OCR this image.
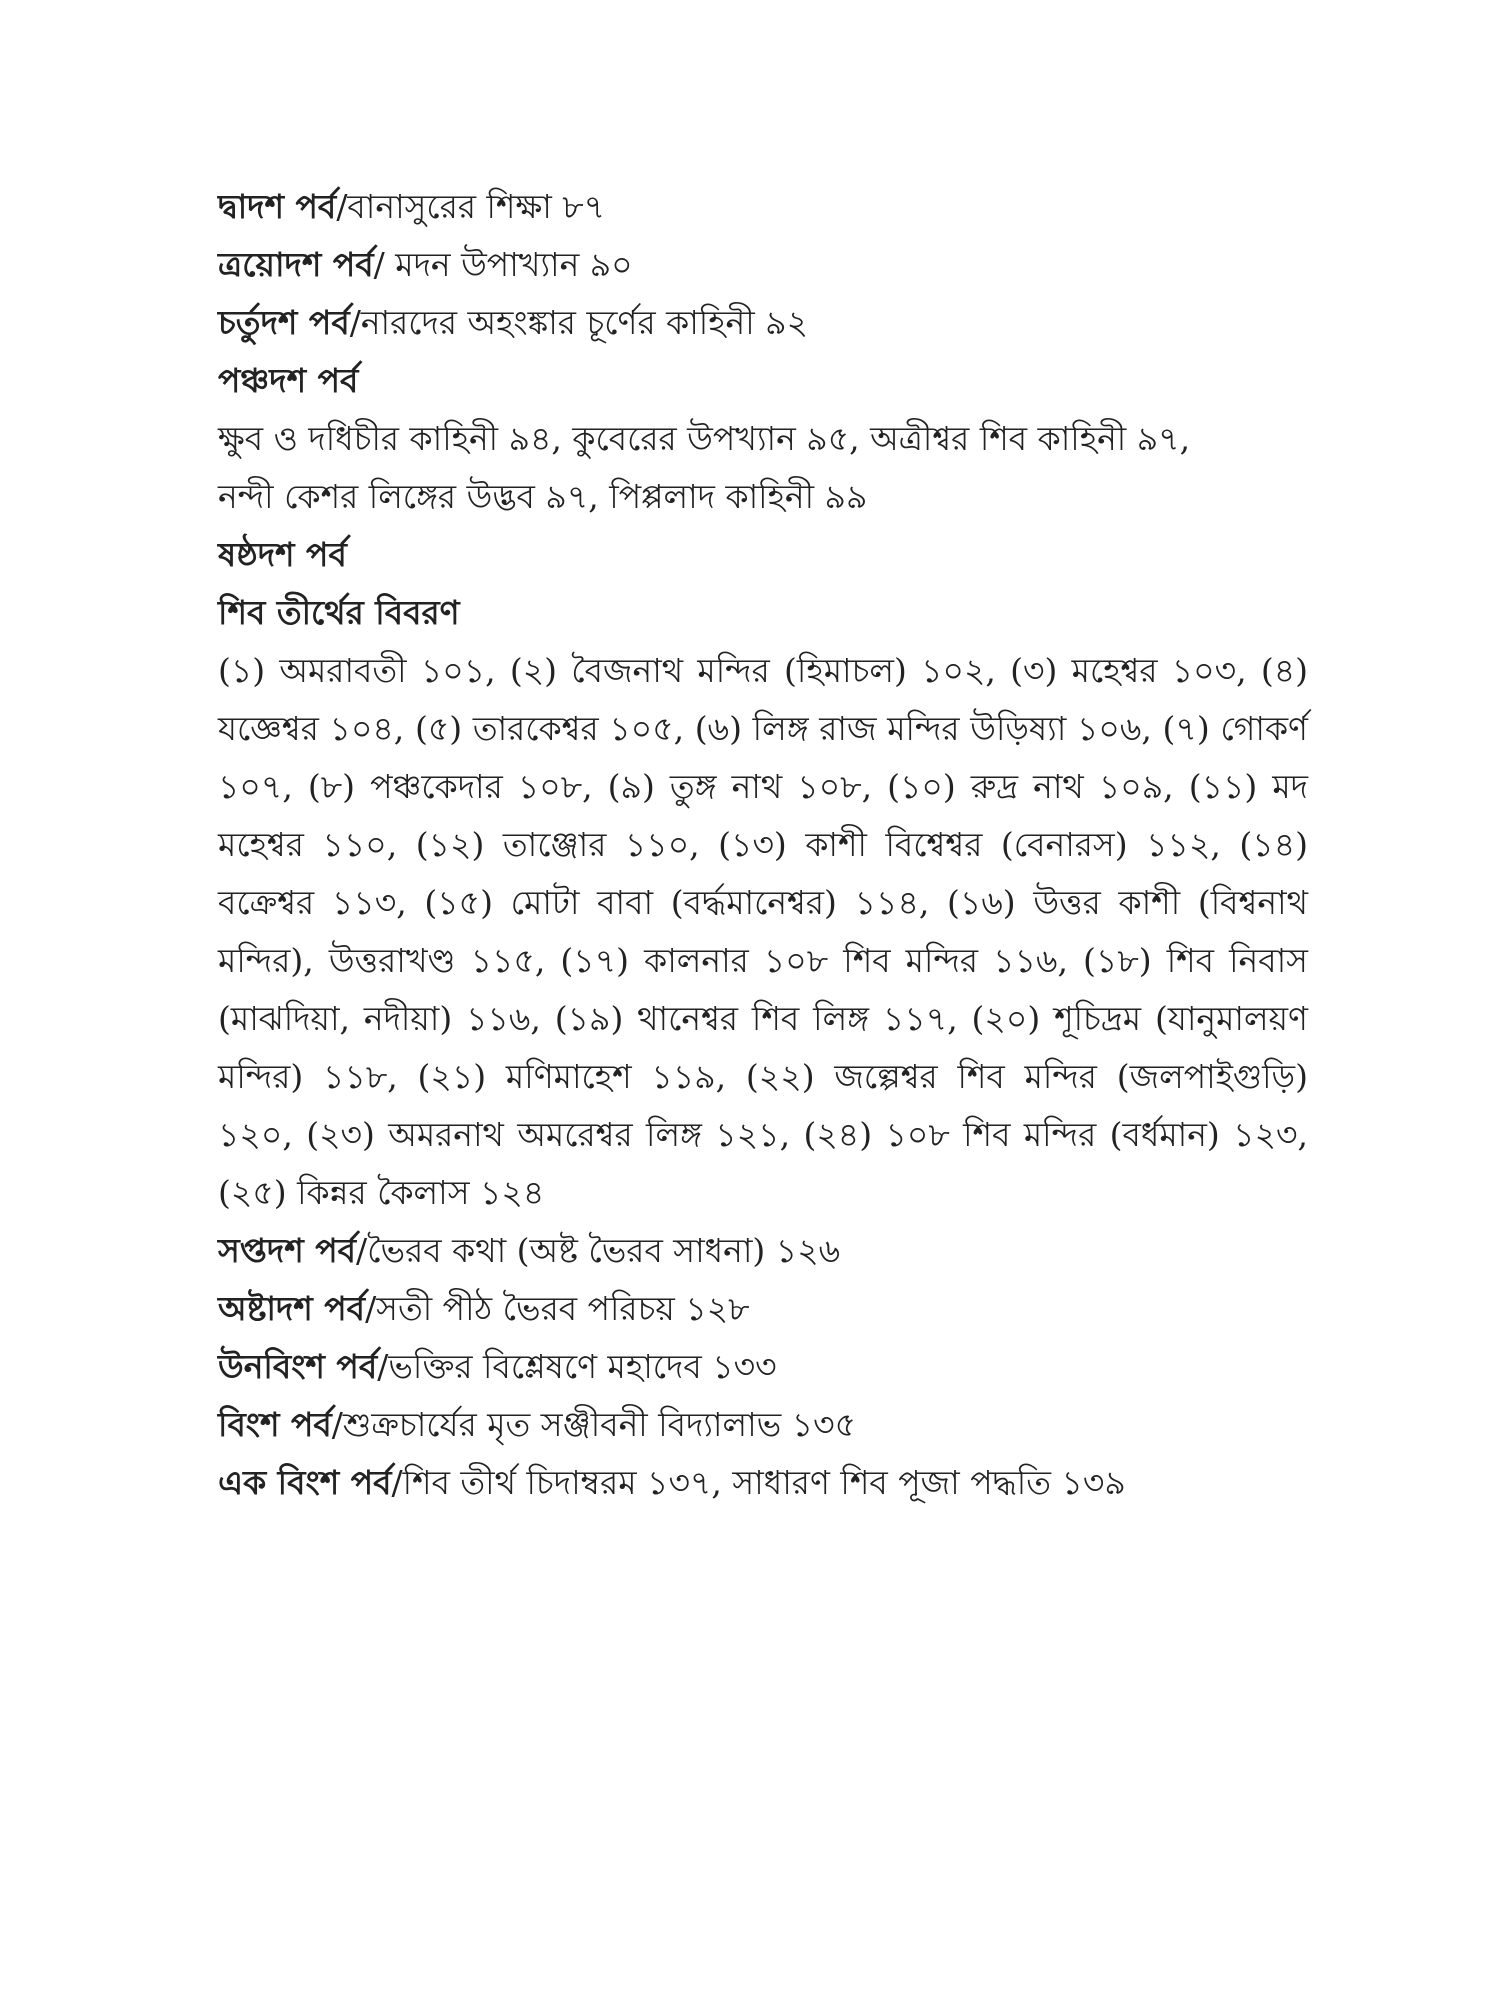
দ্বাদশ পর্ব/বানাসুরের শিক্ষা ৮৭
ত্রয়োদশ পর্ব/ মদন উপাখ্যান ৯০
চর্তুদশ পর্ব/নারদের অহংঙ্কার চূর্ণের কাহিনী ৯২
পঞ্চদশ পর্ব
ক্ষুব ও দধিচীর কাহিনী ৯৪, কুবেরের উপখ্যান ৯৫, অত্রীশ্বর শিব কাহিনী ৯৭,
নন্দী কেশর লিঙ্গের উদ্ভব ৯৭, পিপ্পলাদ কাহিনী ৯৯
ষষ্ঠদশ পর্ব
শিব তীর্থের বিবরণ
(১) অমরাবতী ১০১, (২) বৈজনাথ মন্দির (হিমাচল) ১০২, (৩) মহেশ্বর ১০৩, (৪) যজ্ঞেশ্বর ১০৪, (৫) তারকেশ্বর ১০৫, (৬) লিঙ্গ রাজ মন্দির উড়িষ্যা ১০৬, (৭) গোকর্ণ ১০৭, (৮) পঞ্চকেদার ১০৮, (৯) তুঙ্গ নাথ ১০৮, (১০) রুদ্র নাথ ১০৯, (১১) মদ মহেশ্বর ১১০, (১২) তাঞ্জোর ১১০, (১৩) কাশী বিশ্বেশ্বর (বেনারস) ১১২, (১৪) বক্রেশ্বর ১১৩, (১৫) মোটা বাবা (বর্দ্ধমানেশ্বর) ১১৪, (১৬) উত্তর কাশী (বিশ্বনাথ মন্দির), উত্তরাখণ্ড ১১৫, (১৭) কালনার ১০৮ শিব মন্দির ১১৬, (১৮) শিব নিবাস (মাঝদিয়া, নদীয়া) ১১৬, (১৯) থানেশ্বর শিব লিঙ্গ ১১৭, (২০) শূচিদ্রম (যানুমালয়ণ মন্দির) ১১৮, (২১) মণিমাহেশ ১১৯, (২২) জল্পেশ্বর শিব মন্দির (জলপাইগুড়ি) ১২০, (২৩) অমরনাথ অমরেশ্বর লিঙ্গ ১২১, (২৪) ১০৮ শিব মন্দির (বর্ধমান) ১২৩, (২৫) কিন্নর কৈলাস ১২৪
সপ্তদশ পর্ব/ভৈরব কথা (অষ্ট ভৈরব সাধনা) ১২৬
অষ্টাদশ পর্ব/সতী পীঠ ভৈরব পরিচয় ১২৮
উনবিংশ পর্ব/ভক্তির বিশ্লেষণে মহাদেব ১৩৩
বিংশ পর্ব/শুক্রচার্যের মৃত সঞ্জীবনী বিদ্যালাভ ১৩৫
এক বিংশ পর্ব/শিব তীর্থ চিদাম্বরম ১৩৭, সাধারণ শিব পূজা পদ্ধতি ১৩৯
